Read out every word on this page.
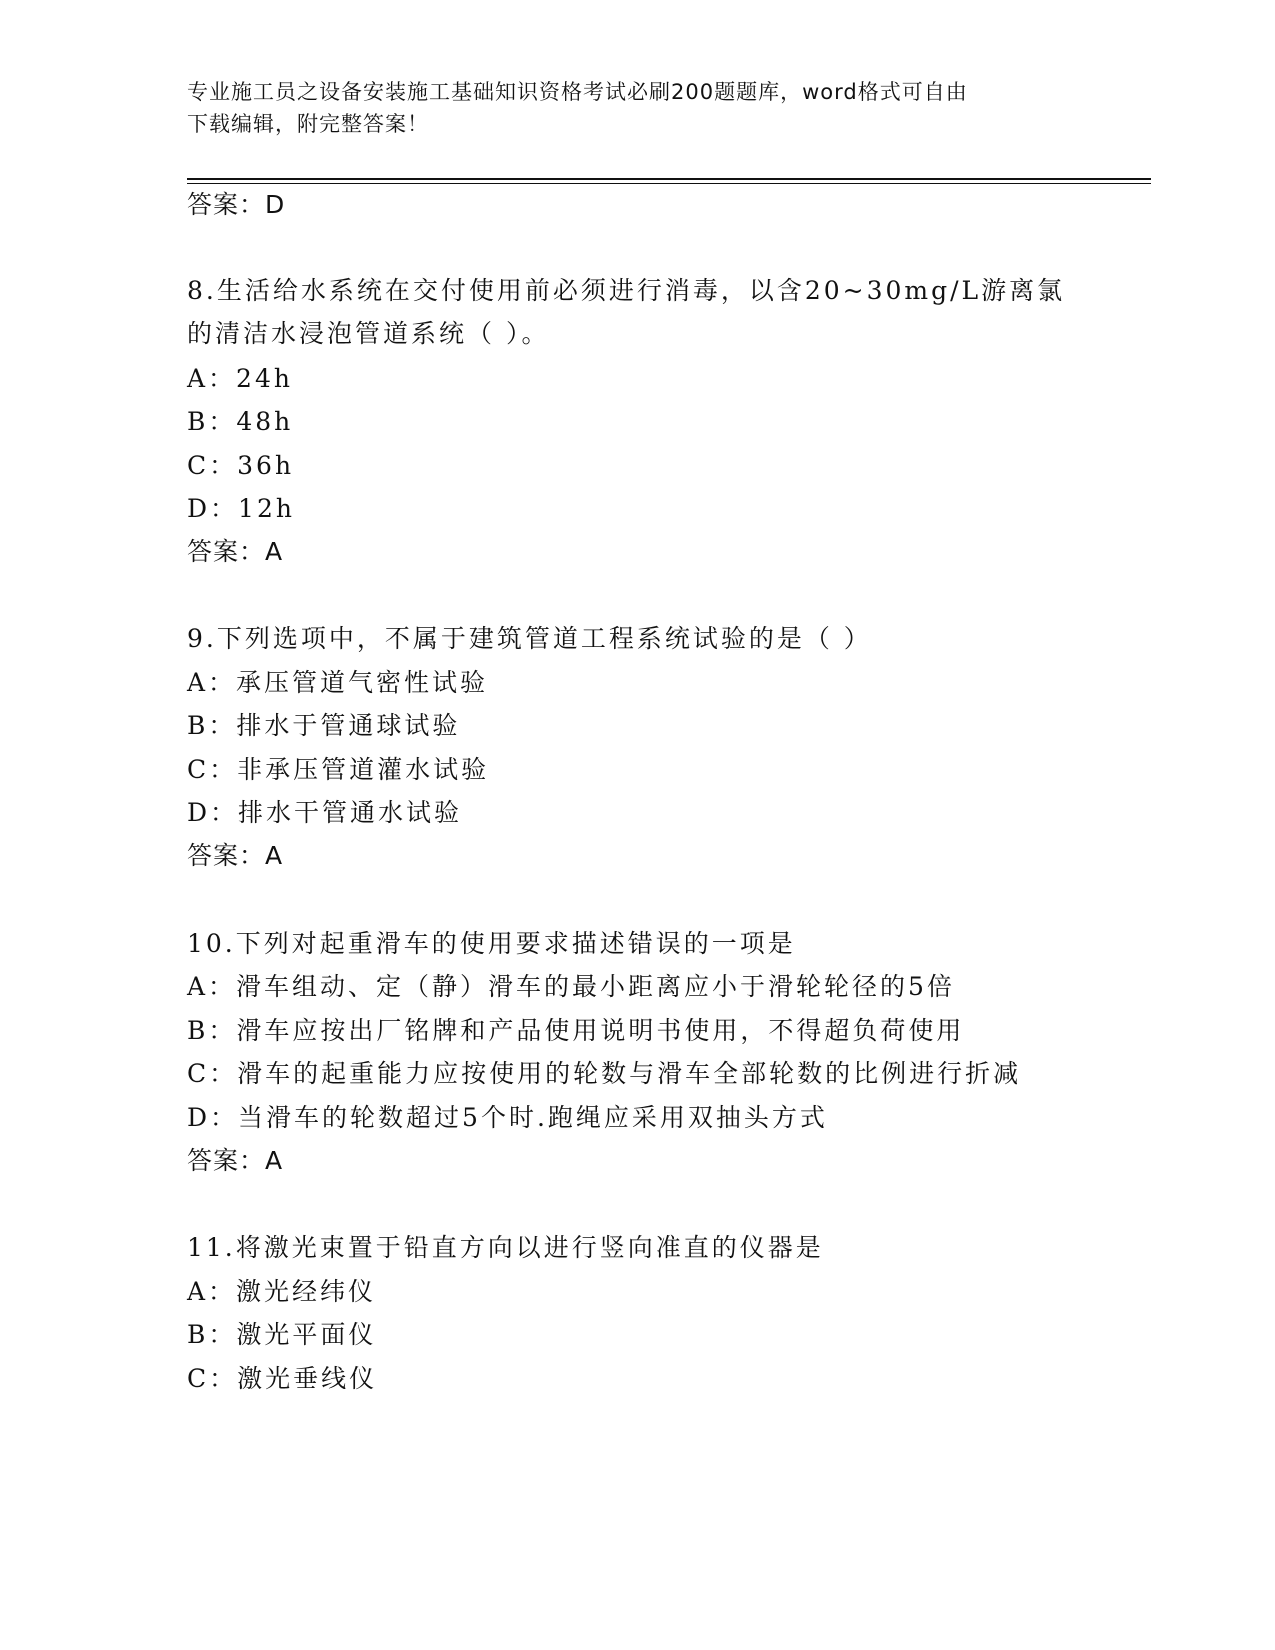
专业施工员之设备安装施工基础知识资格考试必刷200题题库，word格式可自由
下载编辑，附完整答案！
答案：D
8.生活给水系统在交付使用前必须进行消毒，以含20~30mg/L游离氯
的清洁水浸泡管道系统（ ）。
A：24h
B：48h
C：36h
D：12h
答案：A
9.下列选项中，不属于建筑管道工程系统试验的是（ ）
A：承压管道气密性试验
B：排水于管通球试验
C：非承压管道灌水试验
D：排水干管通水试验
答案：A
10.下列对起重滑车的使用要求描述错误的一项是
A：滑车组动、定（静）滑车的最小距离应小于滑轮轮径的5倍
B：滑车应按出厂铭牌和产品使用说明书使用，不得超负荷使用
C：滑车的起重能力应按使用的轮数与滑车全部轮数的比例进行折减
D：当滑车的轮数超过5个时.跑绳应采用双抽头方式
答案：A
11.将激光束置于铅直方向以进行竖向准直的仪器是
A：激光经纬仪
B：激光平面仪
C：激光垂线仪
